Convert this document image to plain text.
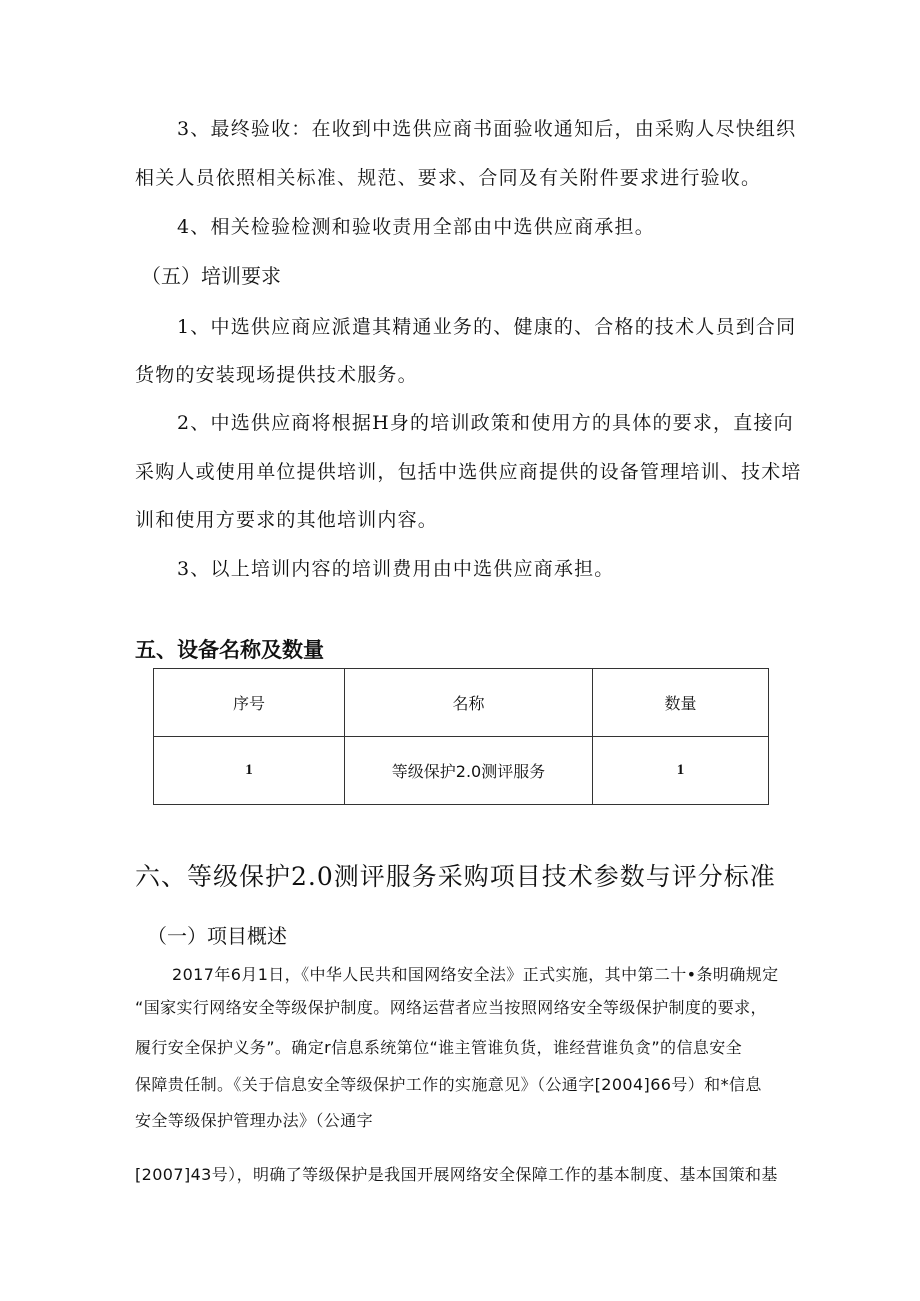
3、最终验收：在收到中选供应商书面验收通知后，由采购人尽快组织
相关人员依照相关标准、规范、要求、合同及有关附件要求进行验收。
4、相关检验检测和验收责用全部由中选供应商承担。
（五）培训要求
1、中选供应商应派遣其精通业务的、健康的、合格的技术人员到合同
货物的安装现场提供技术服务。
2、中选供应商将根据H身的培训政策和使用方的具体的要求，直接向
采购人或使用单位提供培训，包括中选供应商提供的设备管理培训、技术培
训和使用方要求的其他培训内容。
3、以上培训内容的培训费用由中选供应商承担。
五、设备名称及数量
序号	名称	数量
1	等级保护2.0测评服务	1
六、等级保护2.0测评服务采购项目技术参数与评分标准
（一）项目概述
2017年6月1日，《中华人民共和国网络安全法》正式实施，其中第二十•条明确规定
“国家实行网络安全等级保护制度。网络运营者应当按照网络安全等级保护制度的要求，
履行安全保护义务”。确定r信息系统第位“谁主管谁负货，谁经营谁负贪”的信息安全
保障贵任制。《关于信息安全等级保护工作的实施意见》（公通字[2004]66号）和*信息
安全等级保护管理办法》（公通字
[2007]43号），明确了等级保护是我国开展网络安全保障工作的基本制度、基本国策和基
